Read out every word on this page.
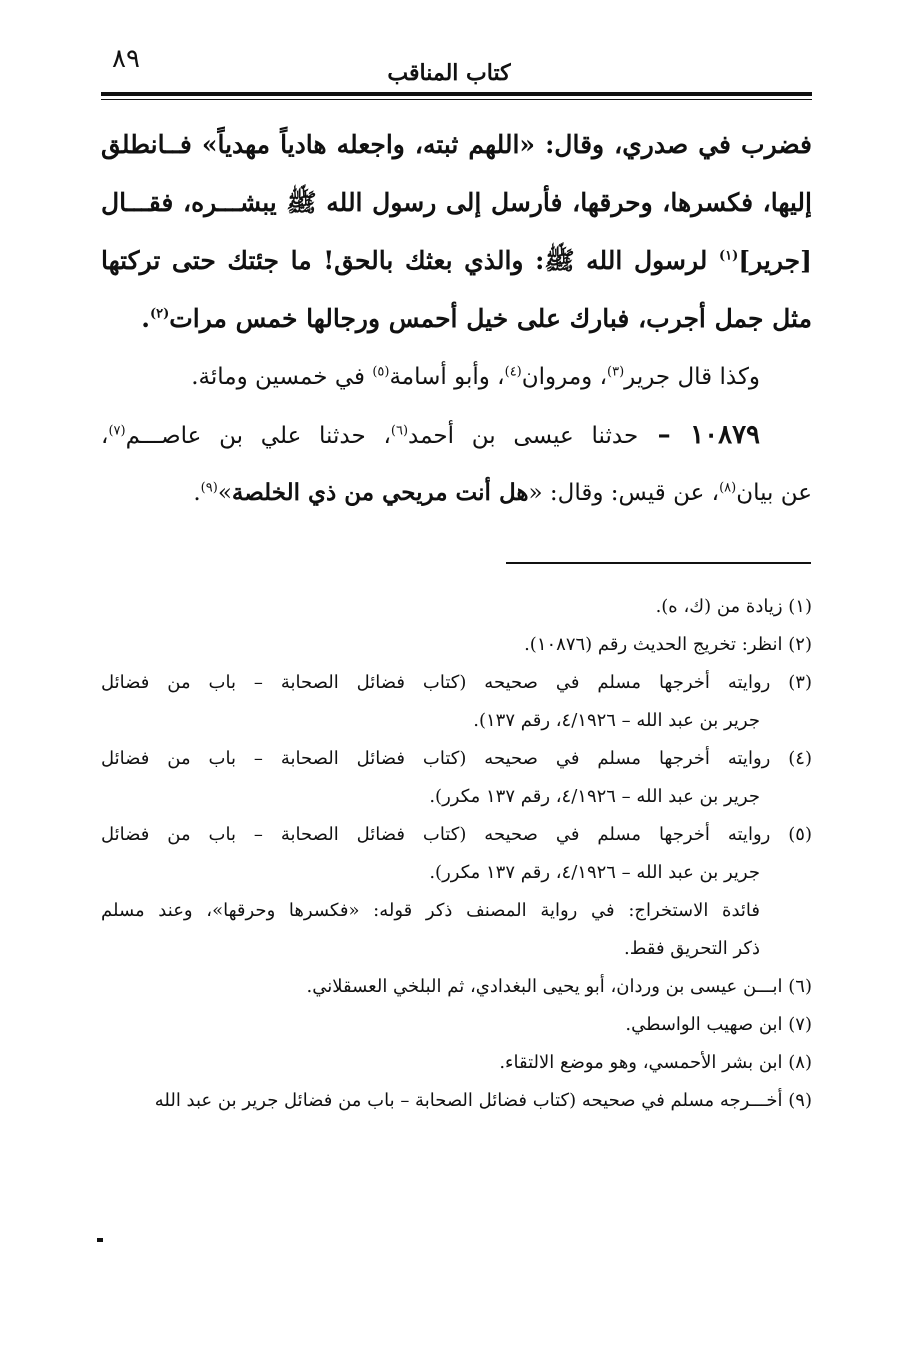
٨٩	كتاب المناقب
فضرب في صدري، وقال: «اللهم ثبته، واجعله هادياً مهدياً» فــانطلق
إليها، فكسرها، وحرقها، فأرسل إلى رسول الله ﷺ يبشـــره، فقـــال
[جرير]$^{(١)}$ لرسول الله ﷺ: والذي بعثك بالحق! ما جئتك حتى تركتها
مثل جمل أجرب، فبارك على خيل أحمس ورجالها خمس مرات$^{(٢)}$.
وكذا قال جرير$^{(٣)}$، ومروان$^{(٤)}$، وأبو أسامة$^{(٥)}$ في خمسين ومائة.
١٠٨٧٩ – حدثنا عيسى بن أحمد$^{(٦)}$، حدثنا علي بن عاصـــم$^{(٧)}$،
عن بيان$^{(٨)}$، عن قيس: وقال: «هل أنت مريحي من ذي الخلصة»$^{(٩)}$.
(١) زيادة من (ك، ه).
(٢) انظر: تخريج الحديث رقم (١٠٨٧٦).
(٣) روايته أخرجها مسلم في صحيحه (كتاب فضائل الصحابة – باب من فضائل
جرير بن عبد الله – ٤/١٩٢٦، رقم ١٣٧).
(٤) روايته أخرجها مسلم في صحيحه (كتاب فضائل الصحابة – باب من فضائل
جرير بن عبد الله – ٤/١٩٢٦، رقم ١٣٧ مكرر).
(٥) روايته أخرجها مسلم في صحيحه (كتاب فضائل الصحابة – باب من فضائل
جرير بن عبد الله – ٤/١٩٢٦، رقم ١٣٧ مكرر).
فائدة الاستخراج: في رواية المصنف ذكر قوله: «فكسرها وحرقها»، وعند مسلم
ذكر التحريق فقط.
(٦) ابـــن عيسى بن وردان، أبو يحيى البغدادي، ثم البلخي العسقلاني.
(٧) ابن صهيب الواسطي.
(٨) ابن بشر الأحمسي، وهو موضع الالتقاء.
(٩) أخـــرجه مسلم في صحيحه (كتاب فضائل الصحابة – باب من فضائل جرير بن عبد الله
